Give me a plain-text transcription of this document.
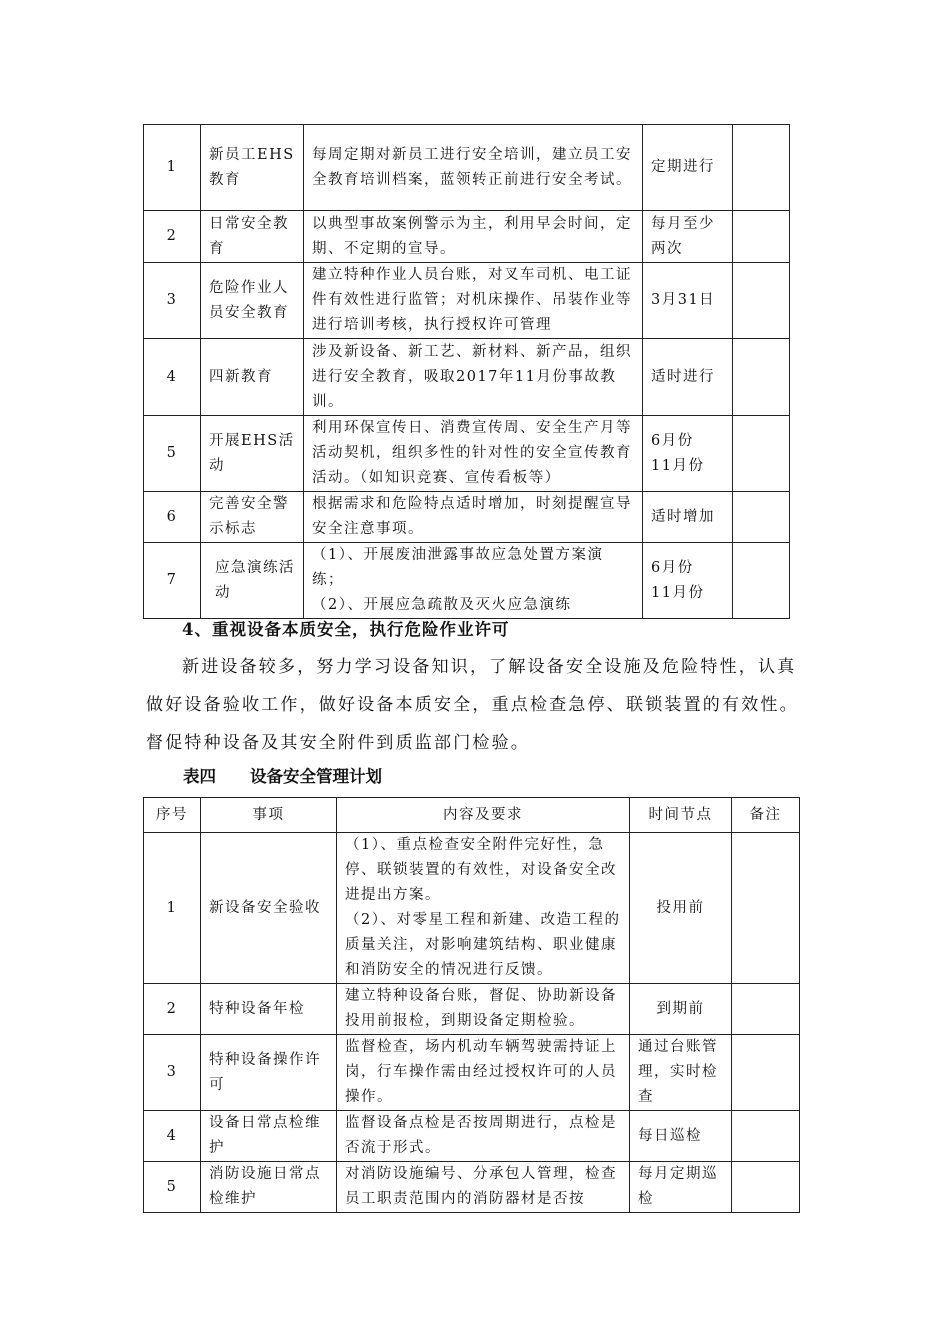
1	新员工EHS教育	每周定期对新员工进行安全培训，建立员工安全教育培训档案，蓝领转正前进行安全考试。	定期进行	
2	日常安全教育	以典型事故案例警示为主，利用早会时间，定期、不定期的宣导。	每月至少两次	
3	危险作业人员安全教育	建立特种作业人员台账，对叉车司机、电工证件有效性进行监管；对机床操作、吊装作业等进行培训考核，执行授权许可管理	3月31日	
4	四新教育	涉及新设备、新工艺、新材料、新产品，组织进行安全教育，吸取2017年11月份事故教训。	适时进行	
5	开展EHS活动	利用环保宣传日、消费宣传周、安全生产月等活动契机，组织多性的针对性的安全宣传教育活动。（如知识竞赛、宣传看板等）	6月份
11月份	
6	完善安全警示标志	根据需求和危险特点适时增加，时刻提醒宣导安全注意事项。	适时增加	
7	应急演练活动	（1）、开展废油泄露事故应急处置方案演练；
（2）、开展应急疏散及灭火应急演练	6月份
11月份	
4、重视设备本质安全，执行危险作业许可

新进设备较多，努力学习设备知识，了解设备安全设施及危险特性，认真做好设备验收工作，做好设备本质安全，重点检查急停、联锁装置的有效性。督促特种设备及其安全附件到质监部门检验。

表四 设备安全管理计划
序号	事项	内容及要求	时间节点	备注
1	新设备安全验收	（1）、重点检查安全附件完好性，急停、联锁装置的有效性，对设备安全改进提出方案。
（2）、对零星工程和新建、改造工程的质量关注，对影响建筑结构、职业健康和消防安全的情况进行反馈。	投用前	
2	特种设备年检	建立特种设备台账，督促、协助新设备投用前报检，到期设备定期检验。	到期前	
3	特种设备操作许可	监督检查，场内机动车辆驾驶需持证上岗，行车操作需由经过授权许可的人员操作。	通过台账管理，实时检查	
4	设备日常点检维护	监督设备点检是否按周期进行，点检是否流于形式。	每日巡检	
5	消防设施日常点检维护	对消防设施编号、分承包人管理，检查员工职责范围内的消防器材是否按	每月定期巡检	
